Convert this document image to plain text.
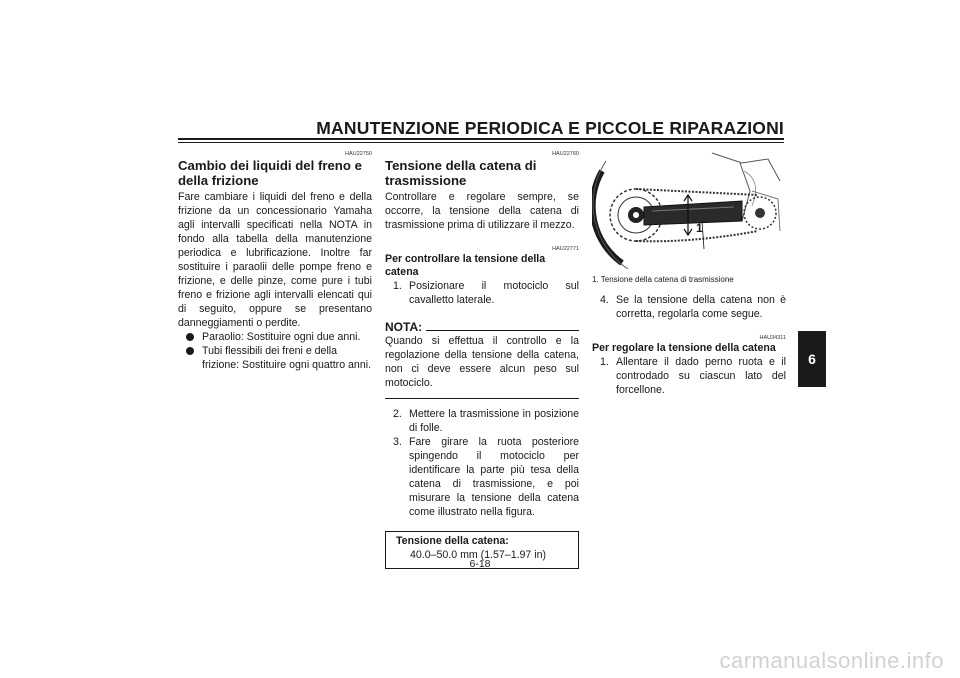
MANUTENZIONE PERIODICA E PICCOLE RIPARAZIONI
6
HAU22750
Cambio dei liquidi del freno e della frizione

Fare cambiare i liquidi del freno e della frizione da un concessionario Yamaha agli intervalli specificati nella NOTA in fondo alla tabella della manutenzione periodica e lubrificazione. Inoltre far sostituire i paraolii delle pompe freno e frizione, e delle pinze, come pure i tubi freno e frizione agli intervalli elencati qui di seguito, oppure se presentano danneggiamenti o perdite.

Paraolio: Sostituire ogni due anni.
Tubi flessibili dei freni e della frizione: Sostituire ogni quattro anni.
HAU22760
Tensione della catena di trasmissione

Controllare e regolare sempre, se occorre, la tensione della catena di trasmissione prima di utilizzare il mezzo.

HAU22771
Per controllare la tensione della catena
1. Posizionare il motociclo sul cavalletto laterale.
NOTA:

Quando si effettua il controllo e la regolazione della tensione della catena, non ci deve essere alcun peso sul motociclo.

2. Mettere la trasmissione in posizione di folle.
3. Fare girare la ruota posteriore spingendo il motociclo per identificare la parte più tesa della catena di trasmissione, e poi misurare la tensione della catena come illustrato nella figura.
Tensione della catena:
40.0–50.0 mm (1.57–1.97 in)
1
1. Tensione della catena di trasmissione
4. Se la tensione della catena non è corretta, regolarla come segue.
HAU34311
Per regolare la tensione della catena
1. Allentare il dado perno ruota e il controdado su ciascun lato del forcellone.
6-18
carmanualsonline.info
